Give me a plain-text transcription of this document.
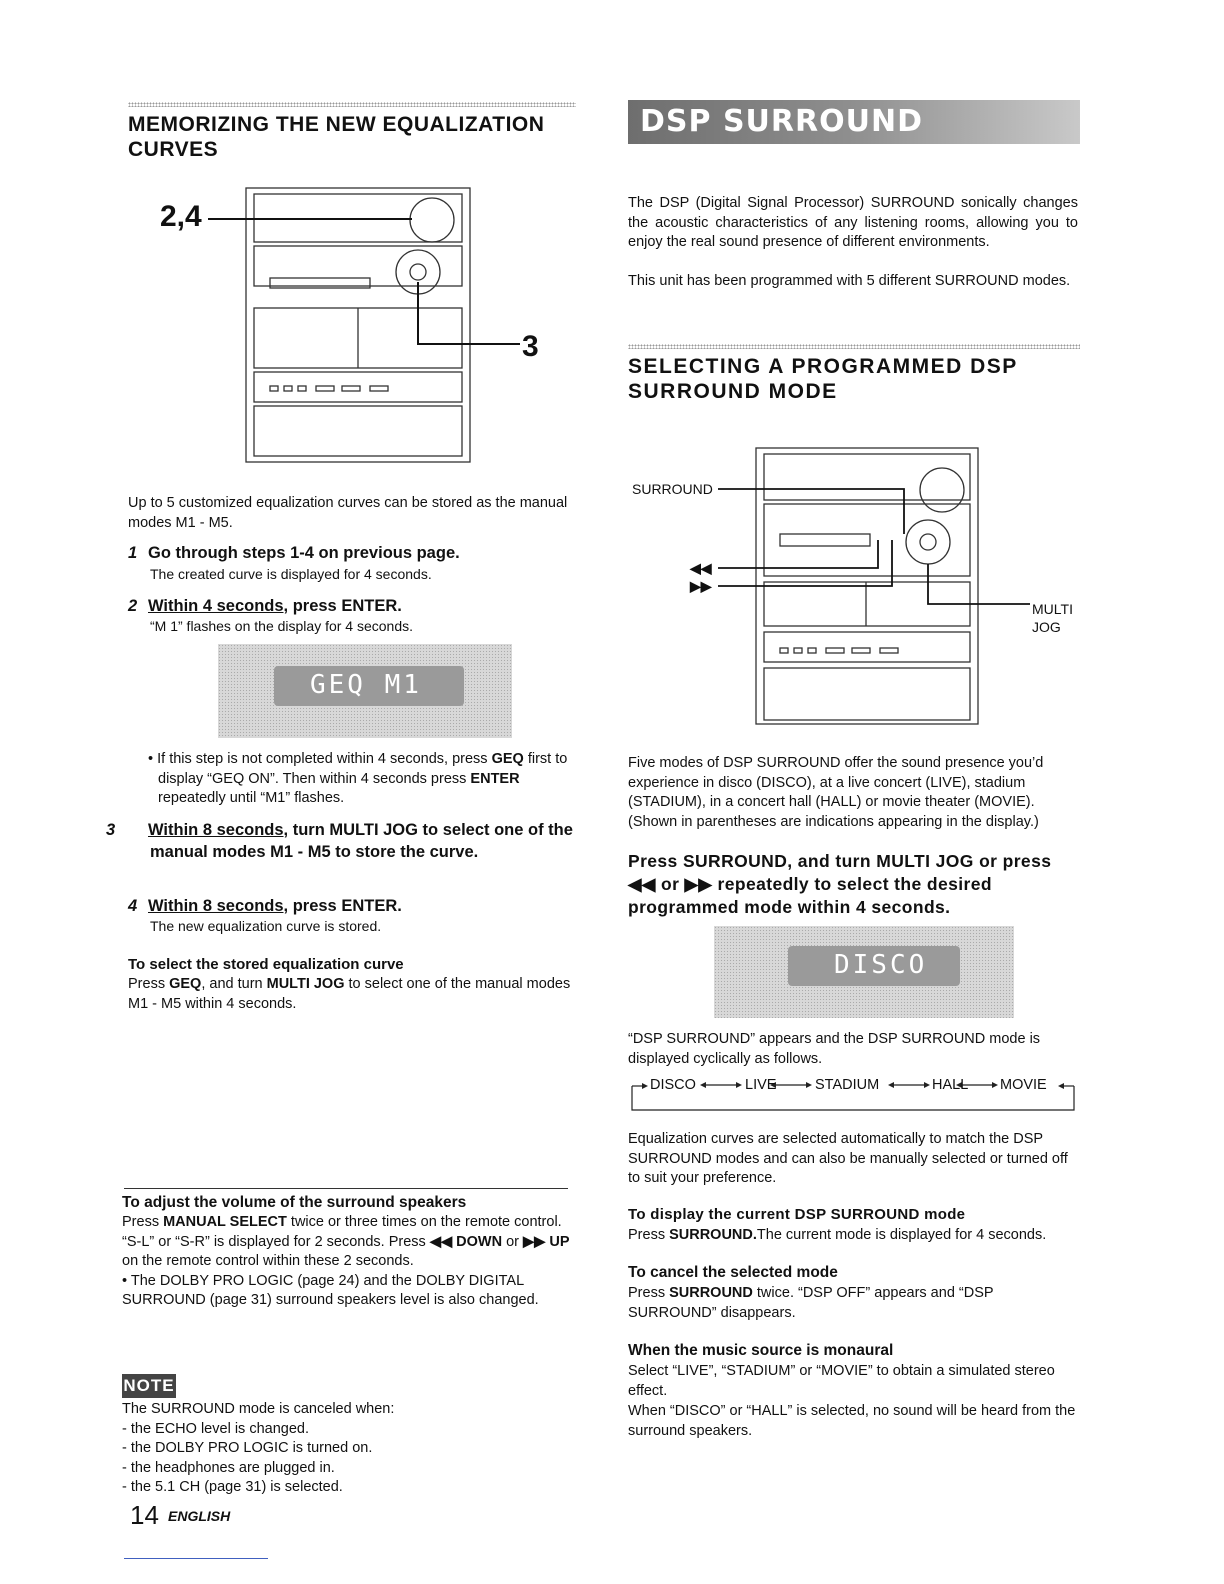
MEMORIZING THE NEW EQUALIZATION CURVES
2,4
3
Up to 5 customized equalization curves can be stored as the manual modes M1 - M5.
1 Go through steps 1-4 on previous page.
The created curve is displayed for 4 seconds.
2 Within 4 seconds, press ENTER.
“M 1” flashes on the display for 4 seconds.
GEQ M1
• If this step is not completed within 4 seconds, press GEQ first to display “GEQ ON”. Then within 4 seconds press ENTER repeatedly until “M1” flashes.
3 Within 8 seconds, turn MULTI JOG to select one of the manual modes M1 - M5 to store the curve.
4 Within 8 seconds, press ENTER.
The new equalization curve is stored.
To select the stored equalization curve
Press GEQ, and turn MULTI JOG to select one of the manual modes M1 - M5 within 4 seconds.
To adjust the volume of the surround speakers
Press MANUAL SELECT twice or three times on the remote control.
“S-L” or “S-R” is displayed for 2 seconds. Press ◀◀ DOWN or ▶▶ UP on the remote control within these 2 seconds.
• The DOLBY PRO LOGIC (page 24) and the DOLBY DIGITAL SURROUND (page 31) surround speakers level is also changed.
NOTE
The SURROUND mode is canceled when:
- the ECHO level is changed.
- the DOLBY PRO LOGIC is turned on.
- the headphones are plugged in.
- the 5.1 CH (page 31) is selected.
14 ENGLISH
DSP SURROUND
The DSP (Digital Signal Processor) SURROUND sonically changes the acoustic characteristics of any listening rooms, allowing you to enjoy the real sound presence of different environments.
This unit has been programmed with 5 different SURROUND modes.
SELECTING A PROGRAMMED DSP SURROUND MODE
SURROUND
◀◀
▶▶
MULTI
JOG
Five modes of DSP SURROUND offer the sound presence you’d experience in disco (DISCO), at a live concert (LIVE), stadium (STADIUM), in a concert hall (HALL) or movie theater (MOVIE). (Shown in parentheses are indications appearing in the display.)
Press SURROUND, and turn MULTI JOG or press ◀◀ or ▶▶ repeatedly to select the desired programmed mode within 4 seconds.
DISCO
“DSP SURROUND” appears and the DSP SURROUND mode is displayed cyclically as follows.
DISCO	LIVE	STADIUM	HALL MOVIE
Equalization curves are selected automatically to match the DSP SURROUND modes and can also be manually selected or turned off to suit your preference.
To display the current DSP SURROUND mode
Press SURROUND.The current mode is displayed for 4 seconds.
To cancel the selected mode
Press SURROUND twice. “DSP OFF” appears and “DSP SURROUND” disappears.
When the music source is monaural
Select “LIVE”, “STADIUM” or “MOVIE” to obtain a simulated stereo effect.
When “DISCO” or “HALL” is selected, no sound will be heard from the surround speakers.
